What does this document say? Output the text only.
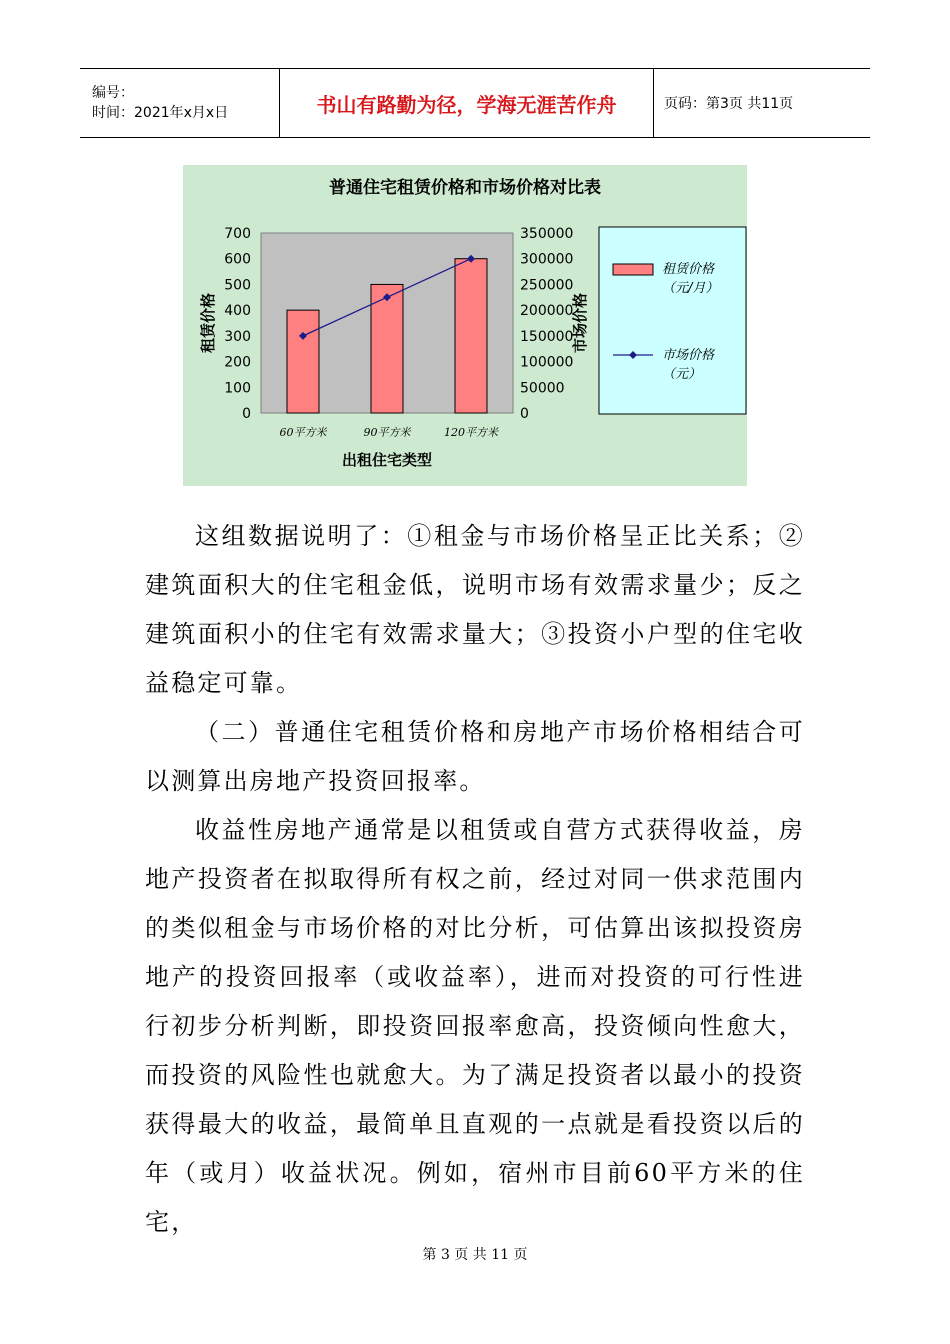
编号：
时间：2021年x月x日	书山有路勤为径，学海无涯苦作舟	页码：第3页 共11页
普通住宅租赁价格和市场价格对比表
700
600
500
400
300
200
100
0
350000
300000
250000
200000
150000
100000
50000
0
租赁价格	市场价格
60平方米	90平方米	120平方米
出租住宅类型
租赁价格
（元/月）
市场价格
（元）

这组数据说明了：①租金与市场价格呈正比关系；②建筑面积大的住宅租金低，说明市场有效需求量少；反之建筑面积小的住宅有效需求量大；③投资小户型的住宅收益稳定可靠。

（二）普通住宅租赁价格和房地产市场价格相结合可以测算出房地产投资回报率。

收益性房地产通常是以租赁或自营方式获得收益，房地产投资者在拟取得所有权之前，经过对同一供求范围内的类似租金与市场价格的对比分析，可估算出该拟投资房地产的投资回报率（或收益率），进而对投资的可行性进行初步分析判断，即投资回报率愈高，投资倾向性愈大，而投资的风险性也就愈大。为了满足投资者以最小的投资获得最大的收益，最简单且直观的一点就是看投资以后的年（或月）收益状况。例如，宿州市目前60平方米的住宅，

第 3 页 共 11 页
